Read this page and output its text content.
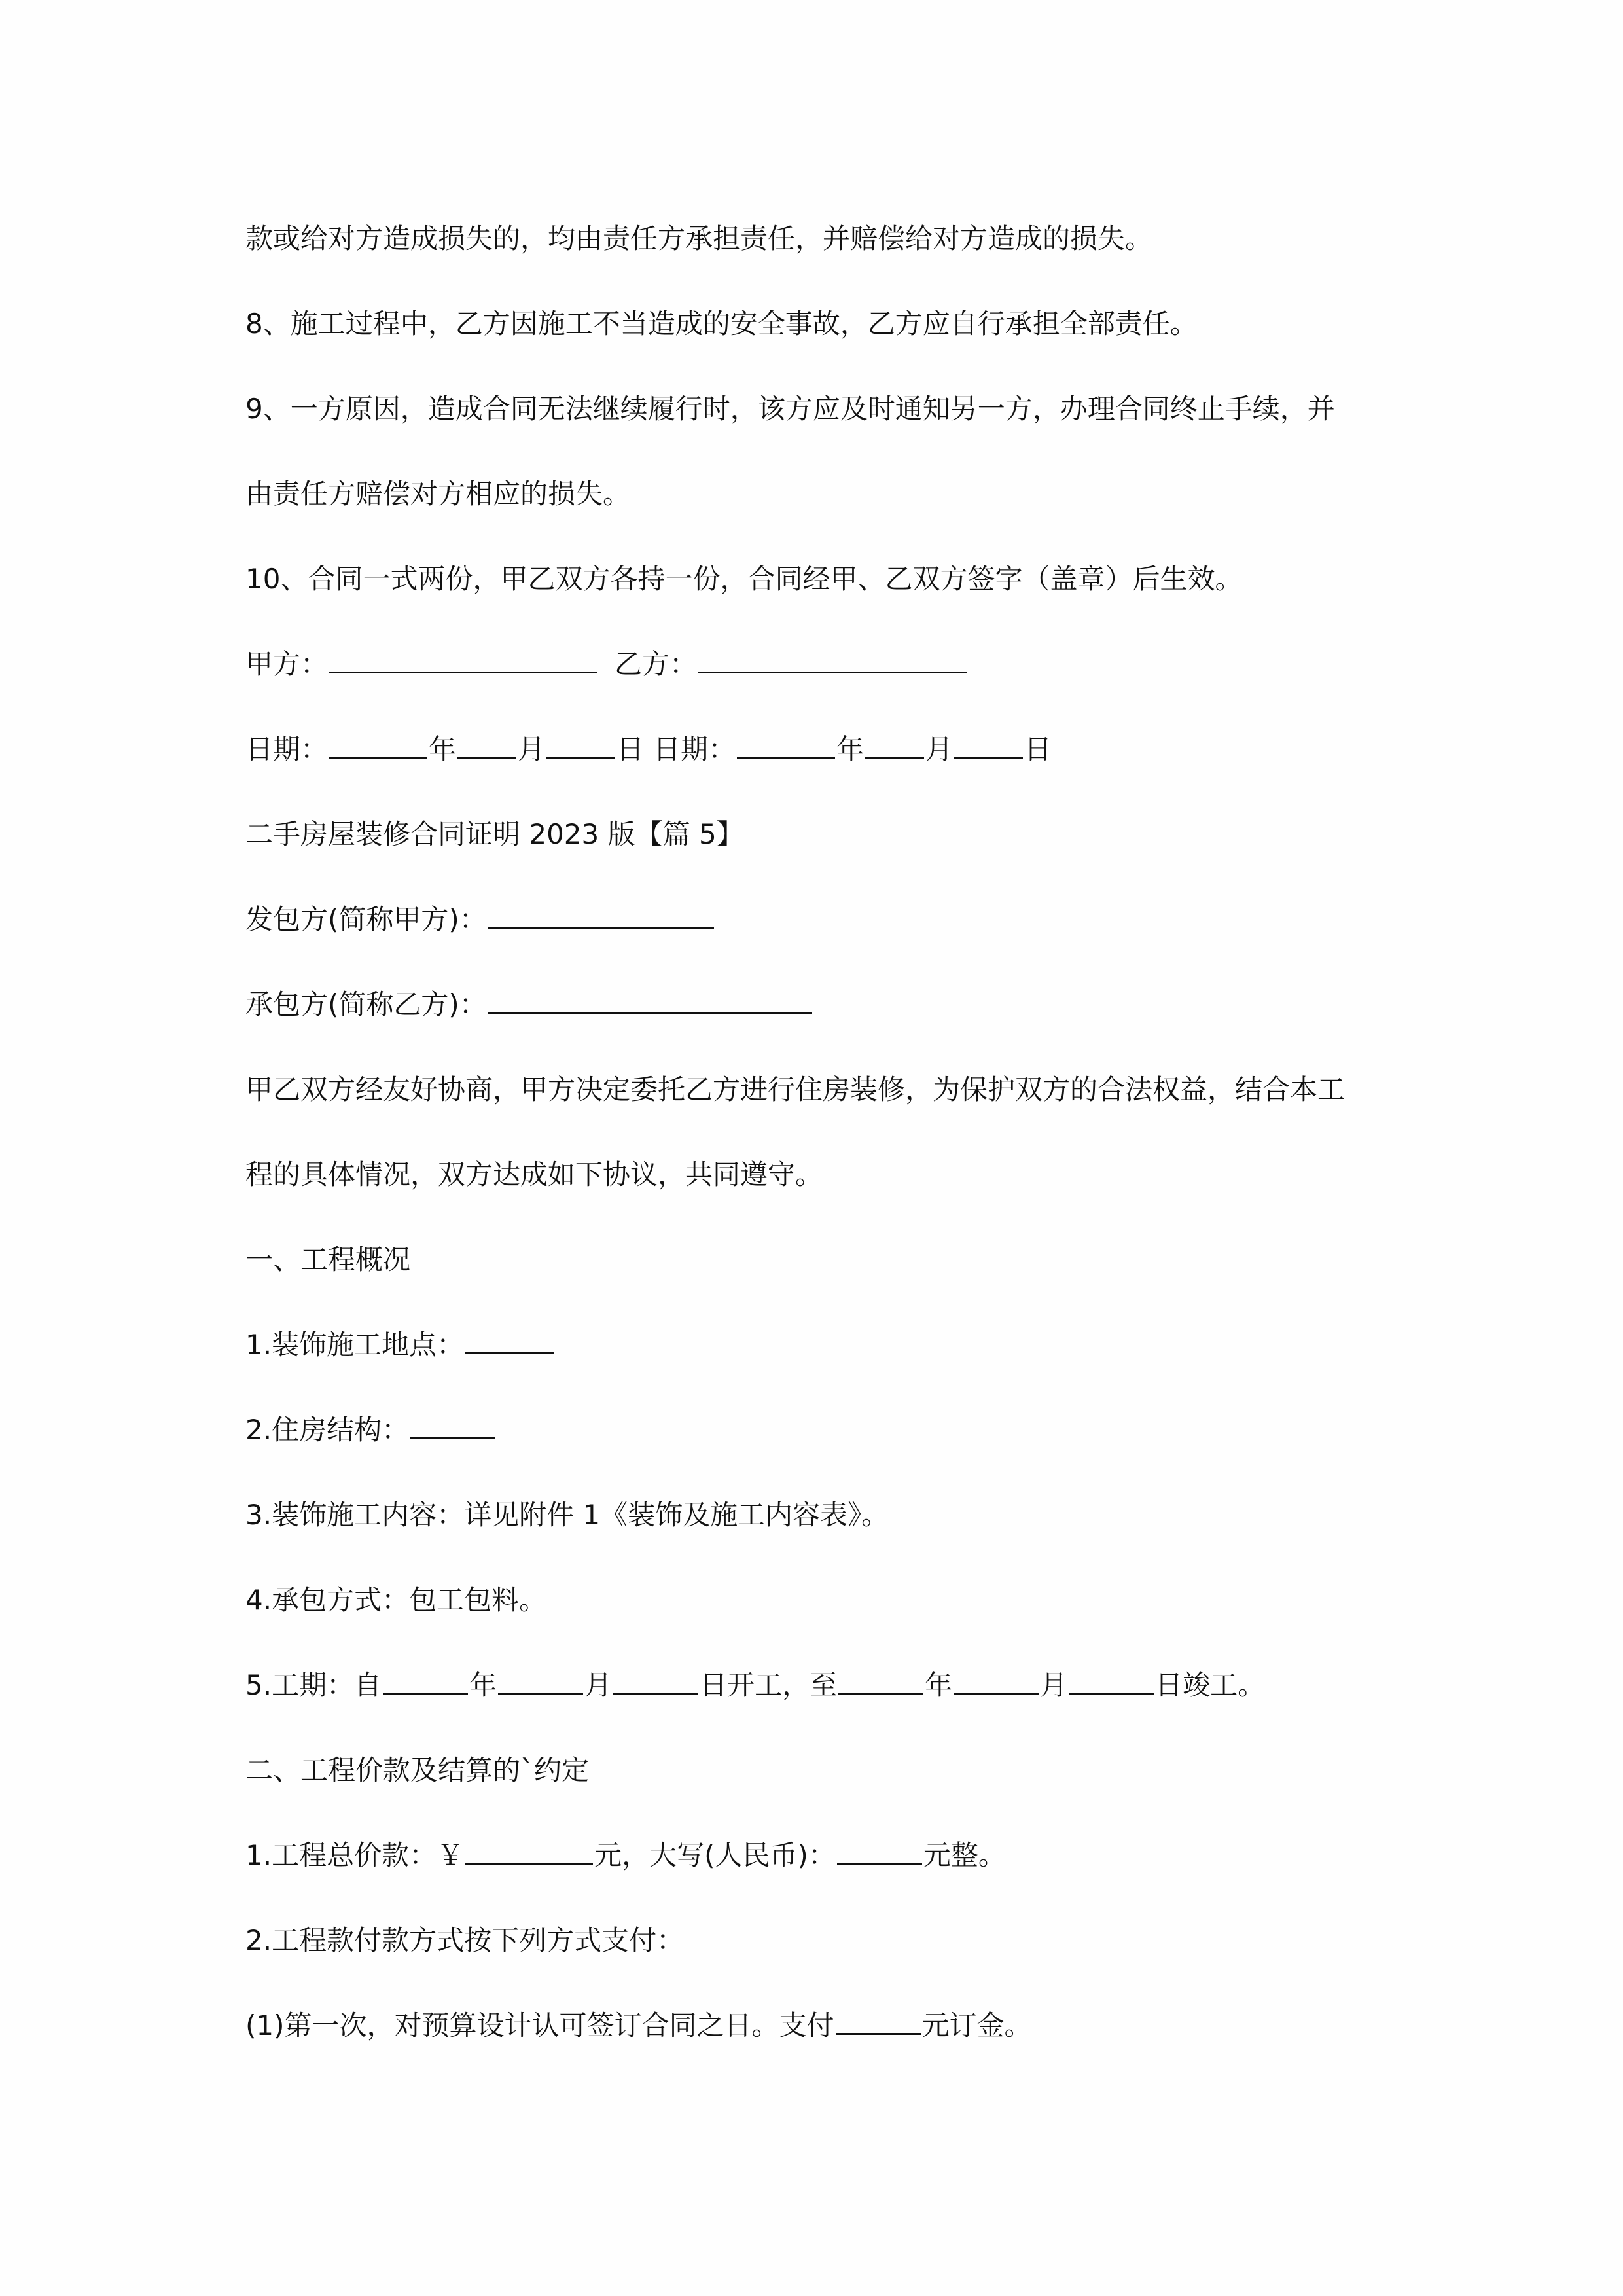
款或给对方造成损失的，均由责任方承担责任，并赔偿给对方造成的损失。
8、施工过程中，乙方因施工不当造成的安全事故，乙方应自行承担全部责任。
9、一方原因，造成合同无法继续履行时，该方应及时通知另一方，办理合同终止手续，并
由责任方赔偿对方相应的损失。
10、合同一式两份，甲乙双方各持一份，合同经甲、乙双方签字（盖章）后生效。
甲方：	乙方：
日期：	年 月	日 日期：	年 月	日
二手房屋装修合同证明 2023 版【篇 5】
发包方(简称甲方)：
承包方(简称乙方)：
甲乙双方经友好协商，甲方决定委托乙方进行住房装修，为保护双方的合法权益，结合本工
程的具体情况，双方达成如下协议，共同遵守。
一、工程概况
1.装饰施工地点：
2.住房结构：
3.装饰施工内容：详见附件 1《装饰及施工内容表》。
4.承包方式：包工包料。
5.工期：自	年	月	日开工，至	年	月	日竣工。
二、工程价款及结算的`约定
1.工程总价款：￥	元，大写(人民币)：	元整。
2.工程款付款方式按下列方式支付：
(1)第一次，对预算设计认可签订合同之日。支付	元订金。
